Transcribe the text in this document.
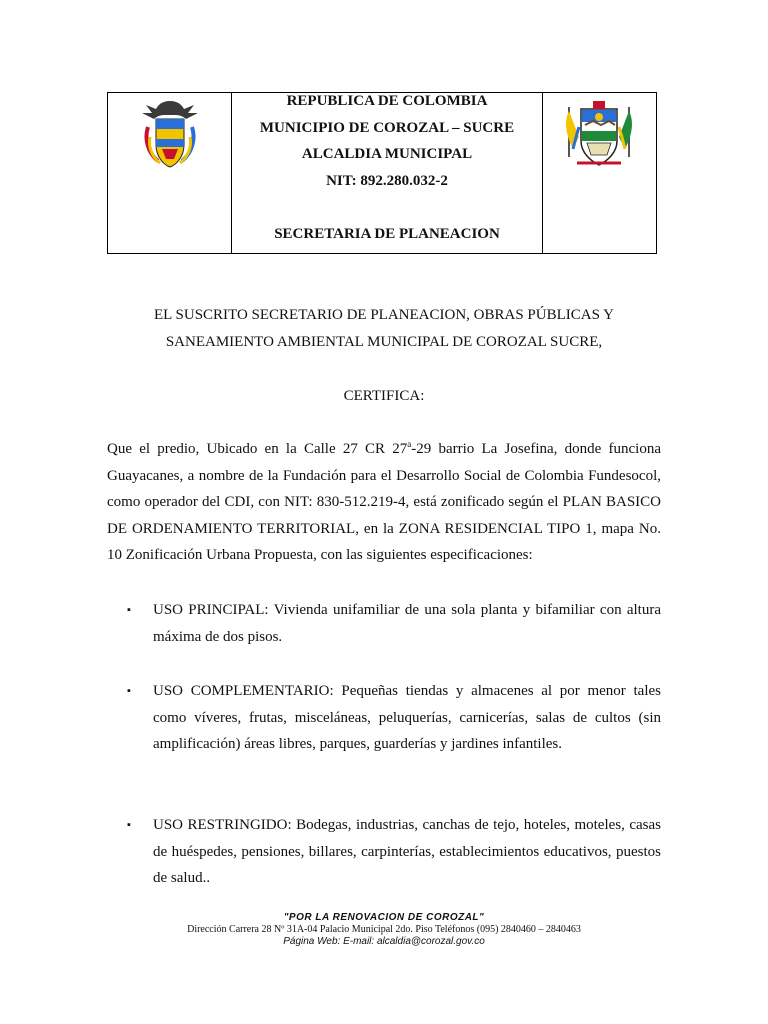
REPUBLICA DE COLOMBIA
MUNICIPIO DE COROZAL – SUCRE
ALCALDIA MUNICIPAL
NIT: 892.280.032-2
SECRETARIA DE PLANEACION
EL SUSCRITO SECRETARIO DE PLANEACION, OBRAS PÚBLICAS Y
SANEAMIENTO AMBIENTAL MUNICIPAL DE COROZAL SUCRE,
CERTIFICA:
Que el predio, Ubicado en la Calle 27 CR 27$^a$-29 barrio La Josefina, donde funciona Guayacanes, a nombre de la Fundación para el Desarrollo Social de Colombia Fundesocol, como operador del CDI, con NIT: 830-512.219-4, está zonificado según el PLAN BASICO DE ORDENAMIENTO TERRITORIAL, en la ZONA RESIDENCIAL TIPO 1, mapa No. 10 Zonificación Urbana Propuesta, con las siguientes especificaciones:
▪ USO PRINCIPAL: Vivienda unifamiliar de una sola planta y bifamiliar con altura máxima de dos pisos.
▪ USO COMPLEMENTARIO: Pequeñas tiendas y almacenes al por menor tales como víveres, frutas, misceláneas, peluquerías, carnicerías, salas de cultos (sin amplificación) áreas libres, parques, guarderías y jardines infantiles.
▪ USO RESTRINGIDO: Bodegas, industrias, canchas de tejo, hoteles, moteles, casas de huéspedes, pensiones, billares, carpinterías, establecimientos educativos, puestos de salud..
"POR LA RENOVACION DE COROZAL"
Dirección Carrera 28 Nº 31A-04 Palacio Municipal 2do. Piso Teléfonos (095) 2840460 – 2840463
Página Web: E-mail: alcaldia@corozal.gov.co
